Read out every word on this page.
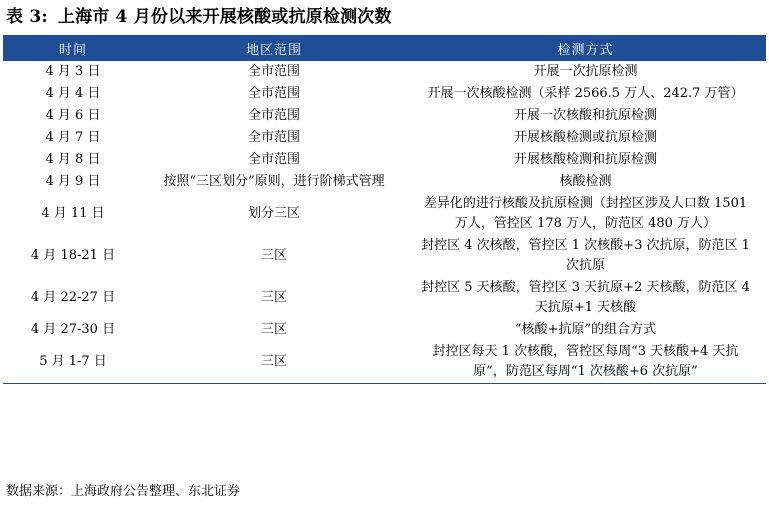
表 3: 上海市 4 月份以来开展核酸或抗原检测次数
时间	地区范围	检测方式
4 月 3 日	全市范围	开展一次抗原检测
4 月 4 日	全市范围	开展一次核酸检测（采样 2566.5 万人、242.7 万管）
4 月 6 日	全市范围	开展一次核酸和抗原检测
4 月 7 日	全市范围	开展核酸检测或抗原检测
4 月 8 日	全市范围	开展核酸检测和抗原检测
4 月 9 日	按照“三区划分”原则，进行阶梯式管理	核酸检测
4 月 11 日	划分三区	差异化的进行核酸及抗原检测（封控区涉及人口数 1501 万人，管控区 178 万人，防范区 480 万人）
4 月 18-21 日	三区	封控区 4 次核酸，管控区 1 次核酸+3 次抗原，防范区 1 次抗原
4 月 22-27 日	三区	封控区 5 天核酸，管控区 3 天抗原+2 天核酸，防范区 4 天抗原+1 天核酸
4 月 27-30 日	三区	“核酸+抗原”的组合方式
5 月 1-7 日	三区	封控区每天 1 次核酸，管控区每周“3 天核酸+4 天抗原”，防范区每周“1 次核酸+6 次抗原”
数据来源：上海政府公告整理、东北证券
